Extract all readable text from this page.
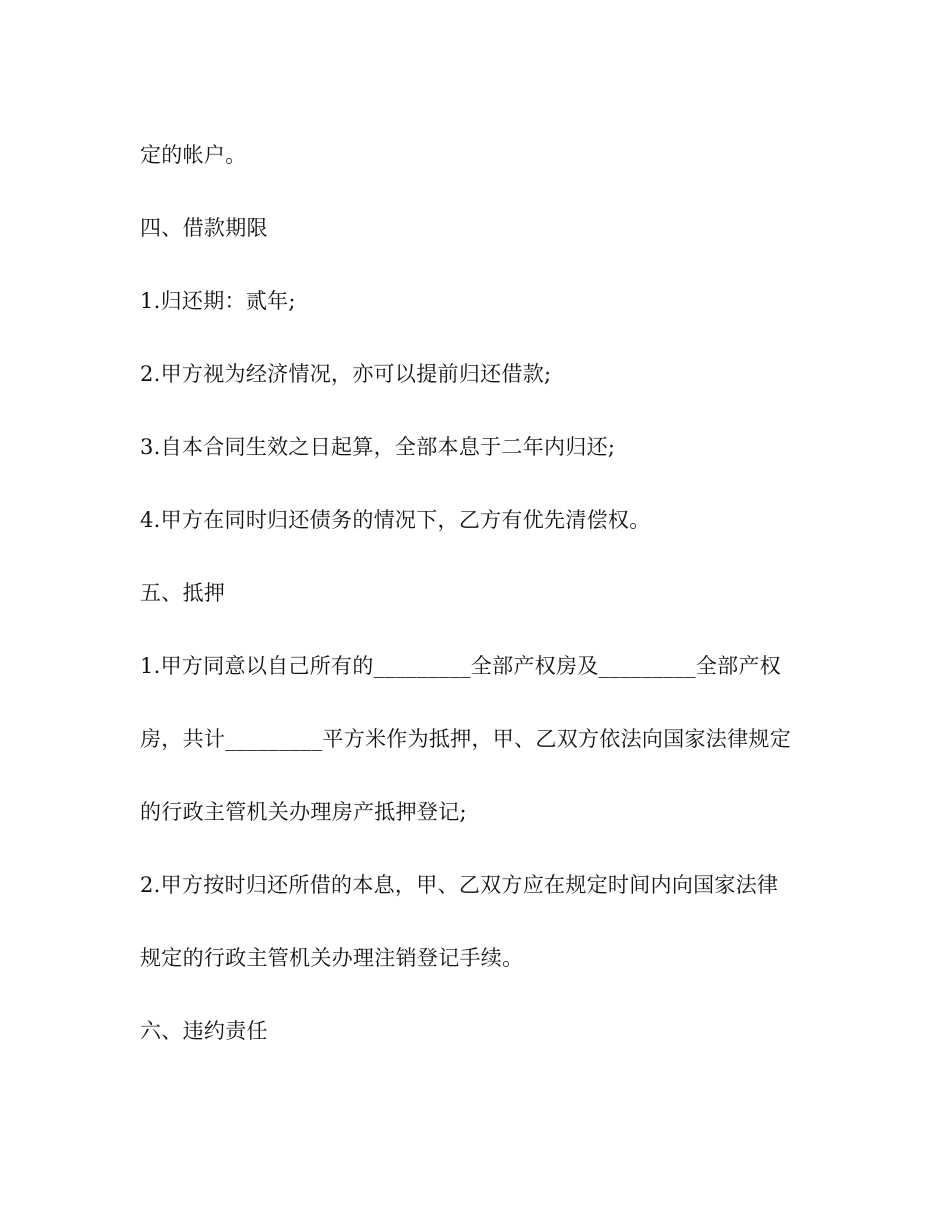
定的帐户。
四、借款期限
1.归还期：贰年;
2.甲方视为经济情况，亦可以提前归还借款;
3.自本合同生效之日起算，全部本息于二年内归还;
4.甲方在同时归还债务的情况下，乙方有优先清偿权。
五、抵押
1.甲方同意以自己所有的_________全部产权房及_________全部产权
房，共计_________平方米作为抵押，甲、乙双方依法向国家法律规定
的行政主管机关办理房产抵押登记;
2.甲方按时归还所借的本息，甲、乙双方应在规定时间内向国家法律
规定的行政主管机关办理注销登记手续。
六、违约责任
